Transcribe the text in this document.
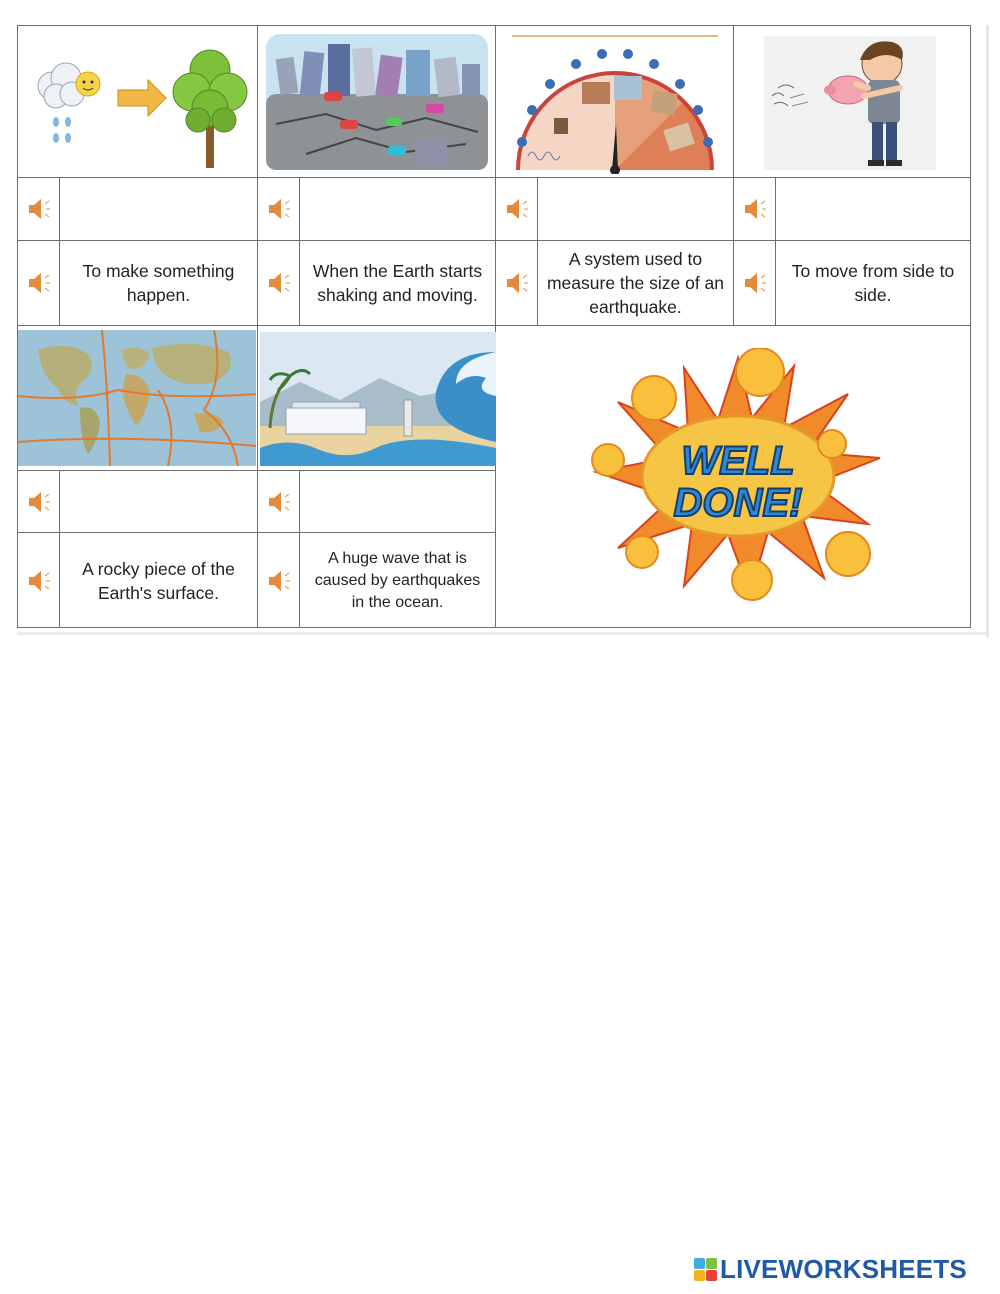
To make something happen.
When the Earth starts shaking and moving.
A system used to measure the size of an earthquake.
To move from side to side.
WELL
DONE!
A rocky piece of the Earth's surface.
A huge wave that is caused by earthquakes in the ocean.
LIVEWORKSHEETS
